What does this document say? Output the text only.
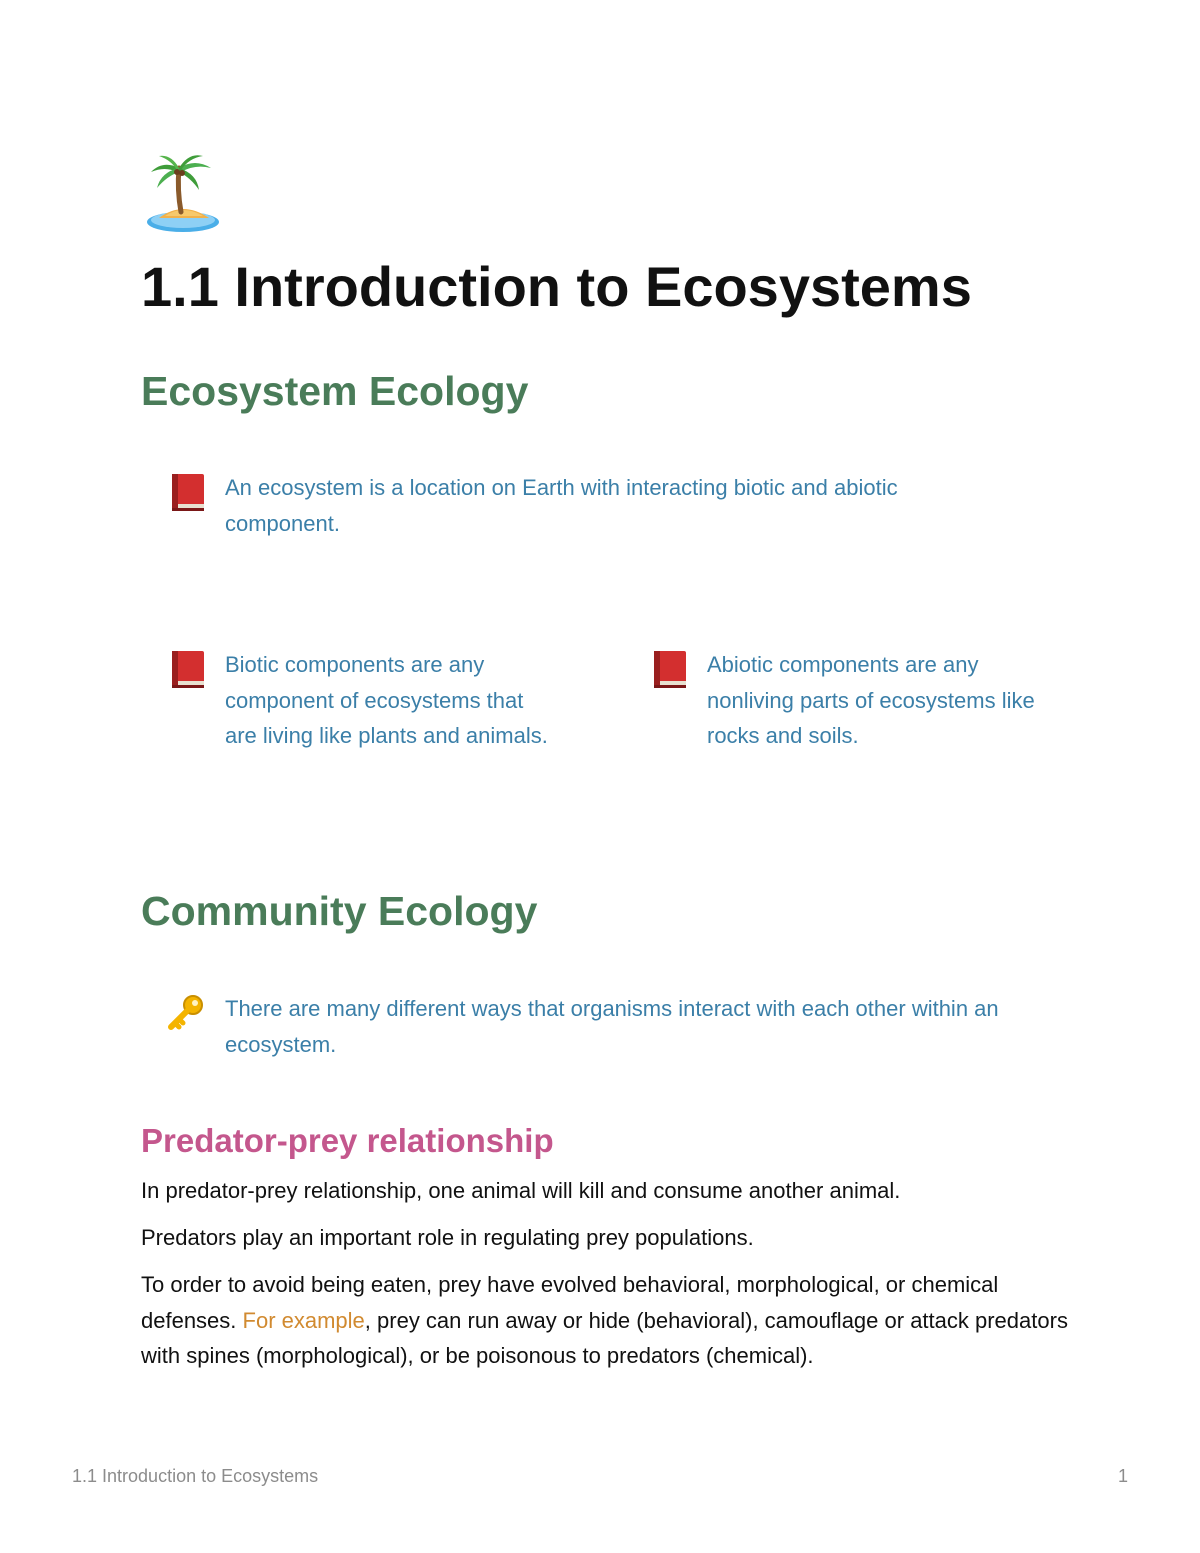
1.1 Introduction to Ecosystems
Ecosystem Ecology

An ecosystem is a location on Earth with interacting biotic and abiotic component.

Biotic components are any component of ecosystems that are living like plants and animals.

Abiotic components are any nonliving parts of ecosystems like rocks and soils.

Community Ecology

There are many different ways that organisms interact with each other within an ecosystem.

Predator-prey relationship

In predator-prey relationship, one animal will kill and consume another animal.

Predators play an important role in regulating prey populations.

To order to avoid being eaten, prey have evolved behavioral, morphological, or chemical defenses. For example, prey can run away or hide (behavioral), camouflage or attack predators with spines (morphological), or be poisonous to predators (chemical).

1.1 Introduction to Ecosystems	1
